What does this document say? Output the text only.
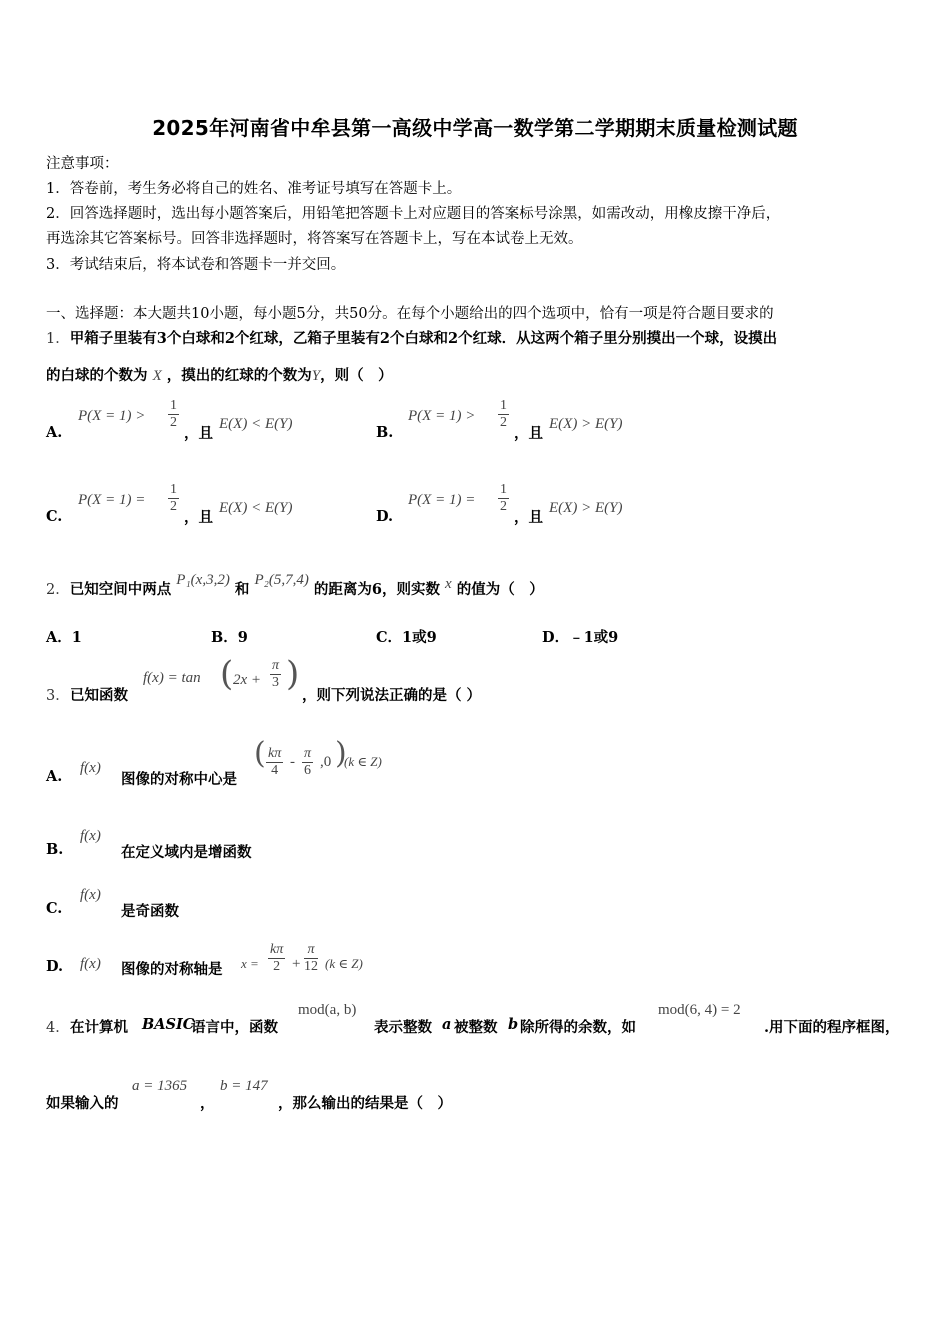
2025年河南省中牟县第一高级中学高一数学第二学期期末质量检测试题
注意事项：
1．答卷前，考生务必将自己的姓名、准考证号填写在答题卡上。
2．回答选择题时，选出每小题答案后，用铅笔把答题卡上对应题目的答案标号涂黑，如需改动，用橡皮擦干净后，
再选涂其它答案标号。回答非选择题时，将答案写在答题卡上，写在本试卷上无效。
3．考试结束后，将本试卷和答题卡一并交回。
一、选择题：本大题共10小题，每小题5分，共50分。在每个小题给出的四个选项中，恰有一项是符合题目要求的
1．甲箱子里装有3个白球和2个红球，乙箱子里装有2个白球和2个红球．从这两个箱子里分别摸出一个球，设摸出
的白球的个数为 X ，摸出的红球的个数为Y，则（　）
A.
$P(X = 1) > \frac{1}{2}$
，且
E(X) < E(Y)	B.
$P(X = 1) > \frac{1}{2}$
，且
E(X) > E(Y)
C.
$P(X = 1) = \frac{1}{2}$
，且
E(X) < E(Y)	D.
$P(X = 1) = \frac{1}{2}$
，且
E(X) > E(Y)
2．已知空间中两点 P₁(x,3,2) 和 P₂(5,7,4) 的距离为6，则实数 x 的值为（　）
A．1	B．9	C．1或9	D．﹣1或9
3． 已知函数
f(x) = tan ( $2x + \frac{\pi}{3}$ )
，则下列说法正确的是（ ）
A. f(x)
图像的对称中心是
( $\frac{k\pi}{4} - \frac{\pi}{6} ,0$ )
(k ∈ Z)
B.
f(x)
在定义域内是增函数
C.
f(x)
是奇函数
D. f(x) 图像的对称轴是 $x = \frac{k\pi}{2} + \frac{\pi}{12} (k$ ∈ Z)
4． 在计算机 BASIC
语言中，函数
mod(a, b)
表示整数 a 被整数 b 除所得的余数，如
mod(6, 4) = 2
.用下面的程序框图，
如果输入的
a = 1365
，
b = 147
，那么输出的结果是（　）
